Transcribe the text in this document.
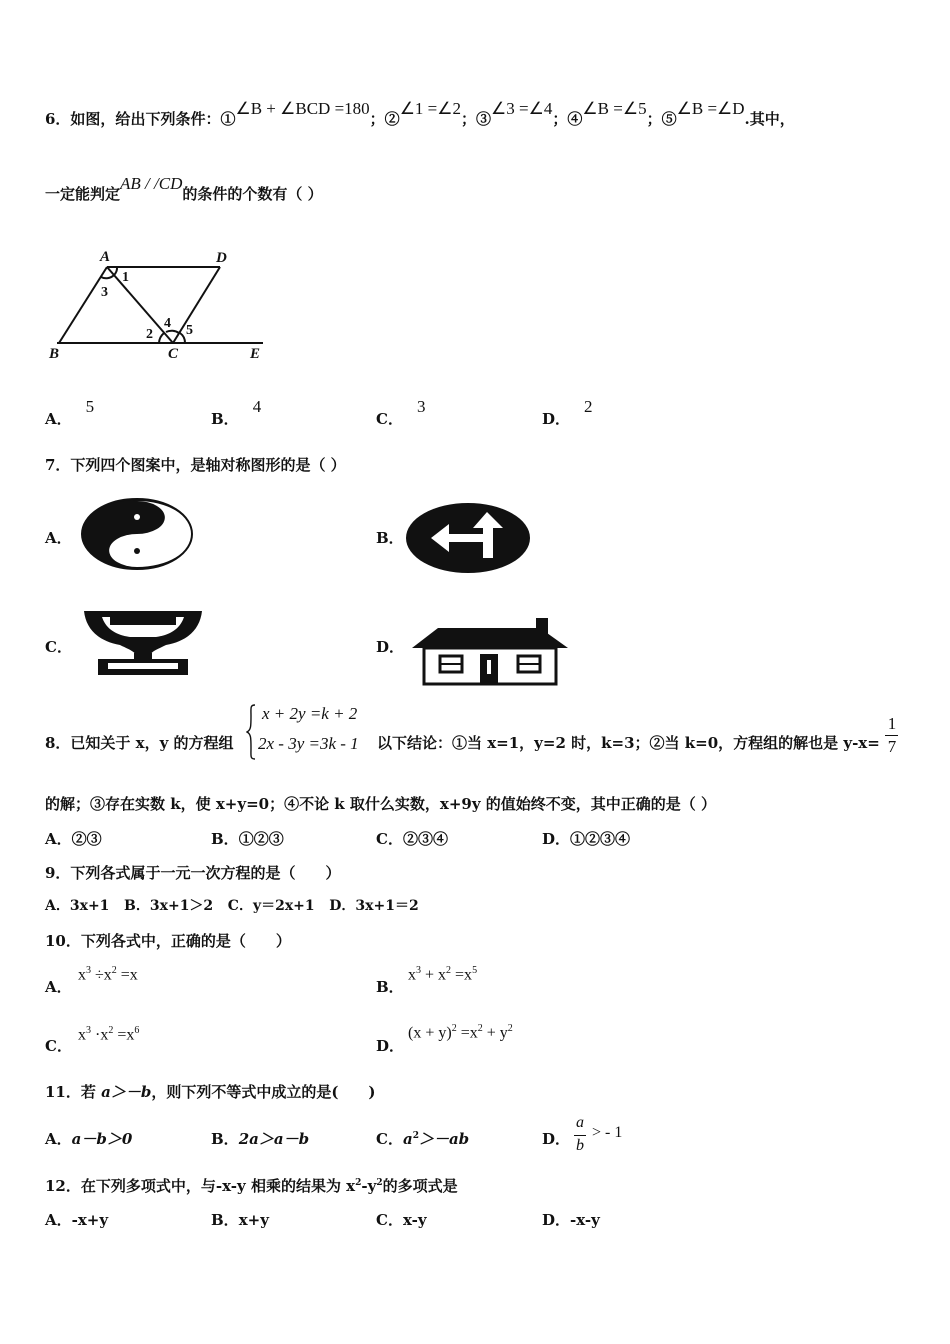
6．如图，给出下列条件：①∠B + ∠BCD =180；②∠1 =∠2；③∠3 =∠4；④∠B =∠5；⑤∠B =∠D.其中，
一定能判定AB / /CD的条件的个数有（ ）
A	D
B	C	E
1
3
2
4 5
A．5
B．4
C．3
D．2
7．下列四个图案中，是轴对称图形的是（ ）
A．	B．
C．	D．
8．已知关于 x，y 的方程组
x + 2y =k + 2
2x - 3y =3k - 1 以下结论：①当 x=1，y=2 时，k=3；②当 k=0，方程组的解也是 y-x=
1
7
的解；③存在实数 k，使 x+y=0；④不论 k 取什么实数，x+9y 的值始终不变，其中正确的是（ ）
A．②③	B．①②③	C．②③④	D．①②③④
9．下列各式属于一元一次方程的是（　　）
A．3x+1   B．3x+1＞2   C．y＝2x+1   D．3x+1＝2
10．下列各式中，正确的是（　　）
A．
$x^3 \div x^2 =x$
B．
$x^3 + x^2 =x^5$
C．
$x^3 \cdot x^2 =x^6$
D．
$(x + y)^2 =x^2 + y^2$
11．若 a＞－b，则下列不等式中成立的是(　　)
A．a－b＞0	B．2a＞a－b	C．$a^2>-ab$	D．
a
b
> - 1
12．在下列多项式中，与-x-y 相乘的结果为 $x^2-y^2$的多项式是
A．-x+y	B．x+y	C．x-y	D．-x-y
